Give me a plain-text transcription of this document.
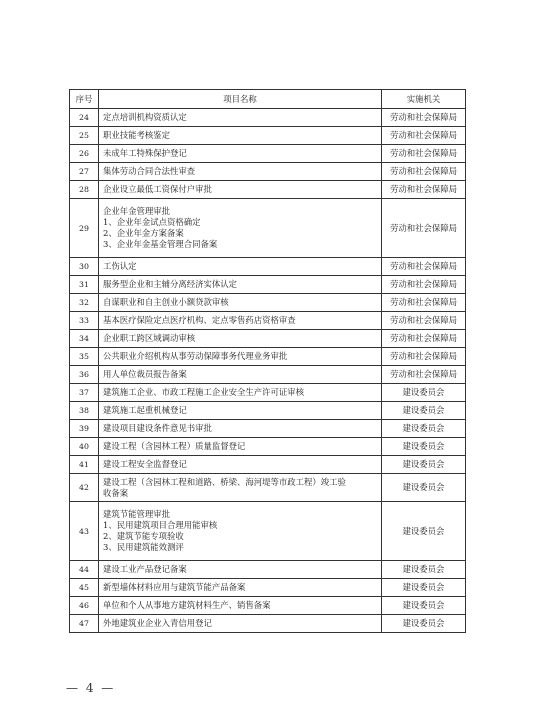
序号	项目名称	实施机关
24	定点培训机构资质认定	劳动和社会保障局
25	职业技能考核鉴定	劳动和社会保障局
26	未成年工特殊保护登记	劳动和社会保障局
27	集体劳动合同合法性审查	劳动和社会保障局
28	企业设立最低工资保付户审批	劳动和社会保障局
29	企业年金管理审批
1、企业年金试点资格确定
2、企业年金方案备案
3、企业年金基金管理合同备案	劳动和社会保障局
30	工伤认定	劳动和社会保障局
31	服务型企业和主辅分离经济实体认定	劳动和社会保障局
32	自谋职业和自主创业小额贷款审核	劳动和社会保障局
33	基本医疗保险定点医疗机构、定点零售药店资格审查	劳动和社会保障局
34	企业职工跨区域调动审核	劳动和社会保障局
35	公共职业介绍机构从事劳动保障事务代理业务审批	劳动和社会保障局
36	用人单位裁员报告备案	劳动和社会保障局
37	建筑施工企业、市政工程施工企业安全生产许可证审核	建设委员会
38	建筑施工起重机械登记	建设委员会
39	建设项目建设条件意见书审批	建设委员会
40	建设工程（含园林工程）质量监督登记	建设委员会
41	建设工程安全监督登记	建设委员会
42	建设工程（含园林工程和道路、桥梁、海河堤等市政工程）竣工验
收备案	建设委员会
43	建筑节能管理审批
1、民用建筑项目合理用能审核
2、建筑节能专项验收
3、民用建筑能效测评	建设委员会
44	建设工业产品登记备案	建设委员会
45	新型墙体材料应用与建筑节能产品备案	建设委员会
46	单位和个人从事地方建筑材料生产、销售备案	建设委员会
47	外地建筑业企业入青信用登记	建设委员会
— 4 —
